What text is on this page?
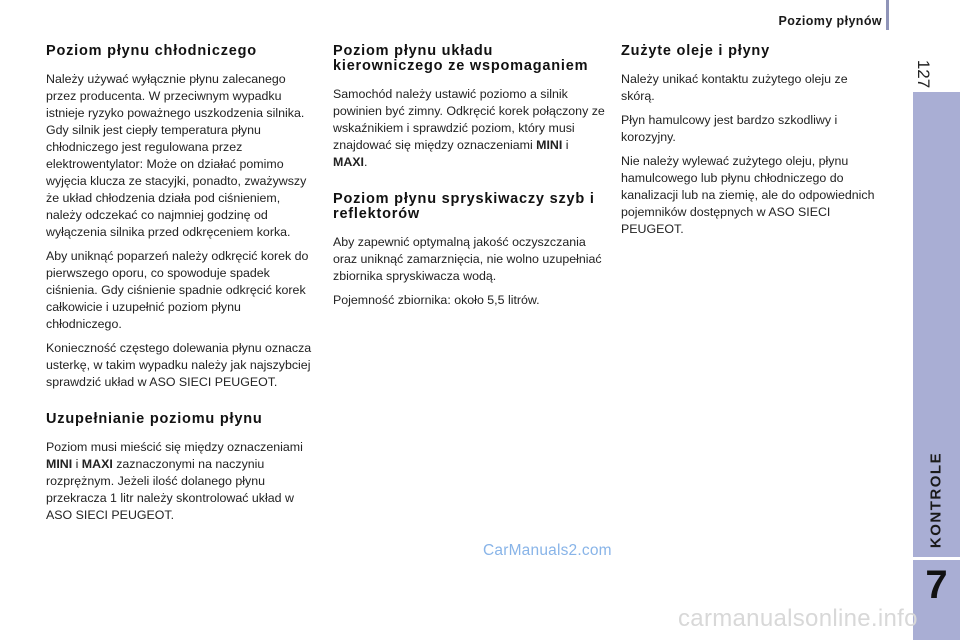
Poziomy płynów
127
KONTROLE
7
Poziom płynu chłodniczego

Należy używać wyłącznie płynu zalecanego przez producenta. W przeciwnym wypadku istnieje ryzyko poważnego uszkodzenia silnika. Gdy silnik jest ciepły temperatura płynu chłodniczego jest regulowana przez elektrowentylator: Może on działać pomimo wyjęcia klucza ze stacyjki, ponadto, zważywszy że układ chłodzenia działa pod ciśnieniem, należy odczekać co najmniej godzinę od wyłączenia silnika przed odkręceniem korka.

Aby uniknąć poparzeń należy odkręcić korek do pierwszego oporu, co spowoduje spadek ciśnienia. Gdy ciśnienie spadnie odkręcić korek całkowicie i uzupełnić poziom płynu chłodniczego.

Konieczność częstego dolewania płynu oznacza usterkę, w takim wypadku należy jak najszybciej sprawdzić układ w ASO SIECI PEUGEOT.

Uzupełnianie poziomu płynu

Poziom musi mieścić się między oznaczeniami MINI i MAXI zaznaczonymi na naczyniu rozprężnym. Jeżeli ilość dolanego płynu przekracza 1 litr należy skontrolować układ w ASO SIECI PEUGEOT.

Poziom płynu układu kierowniczego ze wspomaganiem

Samochód należy ustawić poziomo a silnik powinien być zimny. Odkręcić korek połączony ze wskaźnikiem i sprawdzić poziom, który musi znajdować się między oznaczeniami MINI i MAXI.

Poziom płynu spryskiwaczy szyb i reflektorów

Aby zapewnić optymalną jakość oczyszczania oraz uniknąć zamarznięcia, nie wolno uzupełniać zbiornika spryskiwacza wodą.

Pojemność zbiornika: około 5,5 litrów.

Zużyte oleje i płyny

Należy unikać kontaktu zużytego oleju ze skórą.

Płyn hamulcowy jest bardzo szkodliwy i korozyjny.

Nie należy wylewać zużytego oleju, płynu hamulcowego lub płynu chłodniczego do kanalizacji lub na ziemię, ale do odpowiednich pojemników dostępnych w ASO SIECI PEUGEOT.

CarManuals2.com
carmanualsonline.info
